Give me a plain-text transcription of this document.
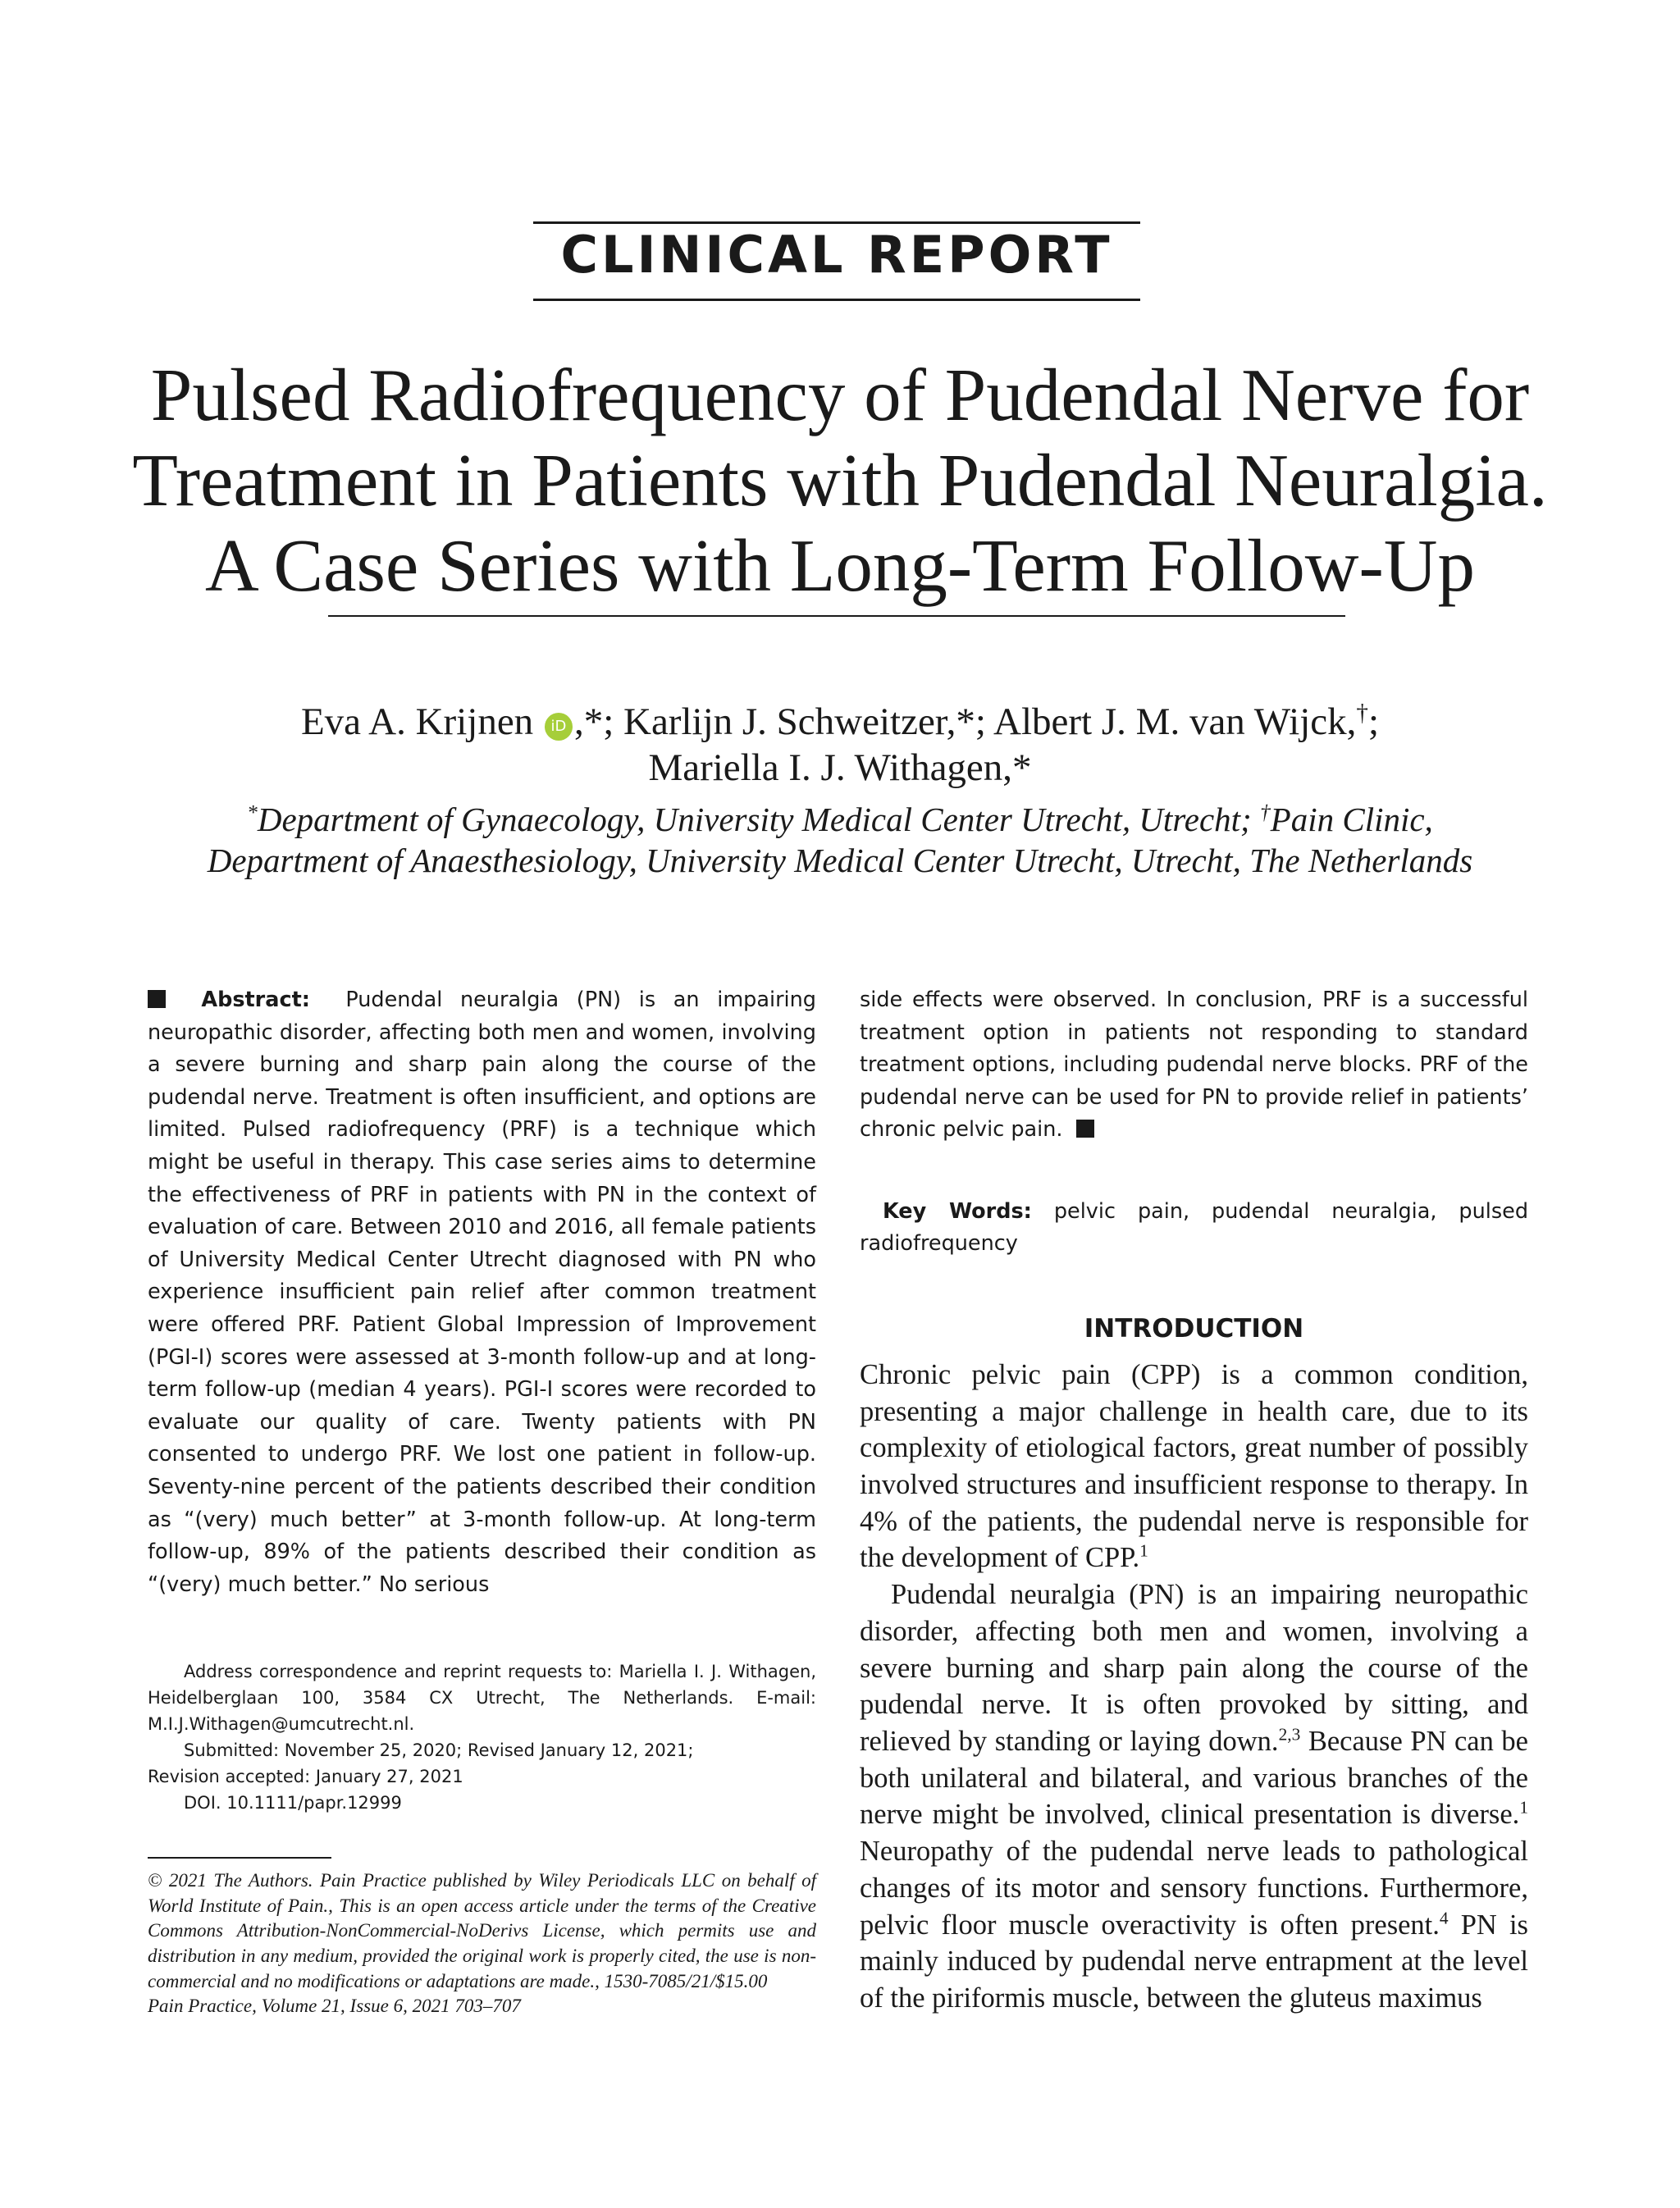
CLINICAL REPORT
Pulsed Radiofrequency of Pudendal Nerve for
Treatment in Patients with Pudendal Neuralgia.
A Case Series with Long-Term Follow-Up
Eva A. Krijnen iD ,*; Karlijn J. Schweitzer,*; Albert J. M. van Wijck,†;
Mariella I. J. Withagen,*
*Department of Gynaecology, University Medical Center Utrecht, Utrecht; †Pain Clinic,
Department of Anaesthesiology, University Medical Center Utrecht, Utrecht, The Netherlands

Abstract: Pudendal neuralgia (PN) is an impairing neuropathic disorder, affecting both men and women, involving a severe burning and sharp pain along the course of the pudendal nerve. Treatment is often insufficient, and options are limited. Pulsed radiofrequency (PRF) is a technique which might be useful in therapy. This case series aims to determine the effectiveness of PRF in patients with PN in the context of evaluation of care. Between 2010 and 2016, all female patients of University Medical Center Utrecht diagnosed with PN who experience insufficient pain relief after common treatment were offered PRF. Patient Global Impression of Improvement (PGI-I) scores were assessed at 3-month follow-up and at long-term follow-up (median 4 years). PGI-I scores were recorded to evaluate our quality of care. Twenty patients with PN consented to undergo PRF. We lost one patient in follow-up. Seventy-nine percent of the patients described their condition as “(very) much better” at 3-month follow-up. At long-term follow-up, 89% of the patients described their condition as “(very) much better.” No serious

Address correspondence and reprint requests to: Mariella I. J. Withagen, Heidelberglaan 100, 3584 CX Utrecht, The Netherlands. E-mail: M.I.J.Withagen@umcutrecht.nl.

Submitted: November 25, 2020; Revised January 12, 2021;

Revision accepted: January 27, 2021

DOI. 10.1111/papr.12999

© 2021 The Authors. Pain Practice published by Wiley Periodicals LLC on behalf of World Institute of Pain., This is an open access article under the terms of the Creative Commons Attribution-NonCommercial-NoDerivs License, which permits use and distribution in any medium, provided the original work is properly cited, the use is non-commercial and no modifications or adaptations are made., 1530-7085/21/$15.00

Pain Practice, Volume 21, Issue 6, 2021 703–707

side effects were observed. In conclusion, PRF is a successful treatment option in patients not responding to standard treatment options, including pudendal nerve blocks. PRF of the pudendal nerve can be used for PN to provide relief in patients’ chronic pelvic pain.

Key Words: pelvic pain, pudendal neuralgia, pulsed radiofrequency

INTRODUCTION

Chronic pelvic pain (CPP) is a common condition, presenting a major challenge in health care, due to its complexity of etiological factors, great number of possibly involved structures and insufficient response to therapy. In 4% of the patients, the pudendal nerve is responsible for the development of CPP.$^1$

Pudendal neuralgia (PN) is an impairing neuropathic disorder, affecting both men and women, involving a severe burning and sharp pain along the course of the pudendal nerve. It is often provoked by sitting, and relieved by standing or laying down.$^{2,3}$ Because PN can be both unilateral and bilateral, and various branches of the nerve might be involved, clinical presentation is diverse.$^1$ Neuropathy of the pudendal nerve leads to pathological changes of its motor and sensory functions. Furthermore, pelvic floor muscle overactivity is often present.$^4$ PN is mainly induced by pudendal nerve entrapment at the level of the piriformis muscle, between the gluteus maximus
